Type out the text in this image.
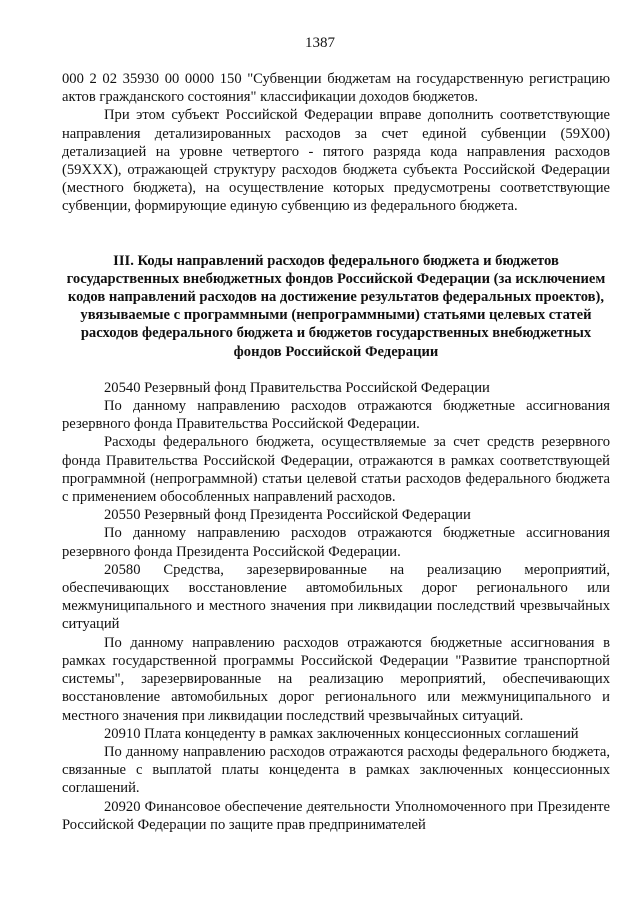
1387

000 2 02 35930 00 0000 150 "Субвенции бюджетам на государственную регистрацию актов гражданского состояния" классификации доходов бюджетов.

При этом субъект Российской Федерации вправе дополнить соответствующие направления детализированных расходов за счет единой субвенции (59Х00) детализацией на уровне четвертого - пятого разряда кода направления расходов (59ХХХ), отражающей структуру расходов бюджета субъекта Российской Федерации (местного бюджета), на осуществление которых предусмотрены соответствующие субвенции, формирующие единую субвенцию из федерального бюджета.

III. Коды направлений расходов федерального бюджета и бюджетов государственных внебюджетных фондов Российской Федерации (за исключением кодов направлений расходов на достижение результатов федеральных проектов), увязываемые с программными (непрограммными) статьями целевых статей расходов федерального бюджета и бюджетов государственных внебюджетных фондов Российской Федерации

20540 Резервный фонд Правительства Российской Федерации

По данному направлению расходов отражаются бюджетные ассигнования резервного фонда Правительства Российской Федерации.

Расходы федерального бюджета, осуществляемые за счет средств резервного фонда Правительства Российской Федерации, отражаются в рамках соответствующей программной (непрограммной) статьи целевой статьи расходов федерального бюджета с применением обособленных направлений расходов.

20550 Резервный фонд Президента Российской Федерации

По данному направлению расходов отражаются бюджетные ассигнования резервного фонда Президента Российской Федерации.

20580 Средства, зарезервированные на реализацию мероприятий, обеспечивающих восстановление автомобильных дорог регионального или межмуниципального и местного значения при ликвидации последствий чрезвычайных ситуаций

По данному направлению расходов отражаются бюджетные ассигнования в рамках государственной программы Российской Федерации "Развитие транспортной системы", зарезервированные на реализацию мероприятий, обеспечивающих восстановление автомобильных дорог регионального или межмуниципального и местного значения при ликвидации последствий чрезвычайных ситуаций.

20910 Плата концеденту в рамках заключенных концессионных соглашений

По данному направлению расходов отражаются расходы федерального бюджета, связанные с выплатой платы концедента в рамках заключенных концессионных соглашений.

20920 Финансовое обеспечение деятельности Уполномоченного при Президенте Российской Федерации по защите прав предпринимателей
